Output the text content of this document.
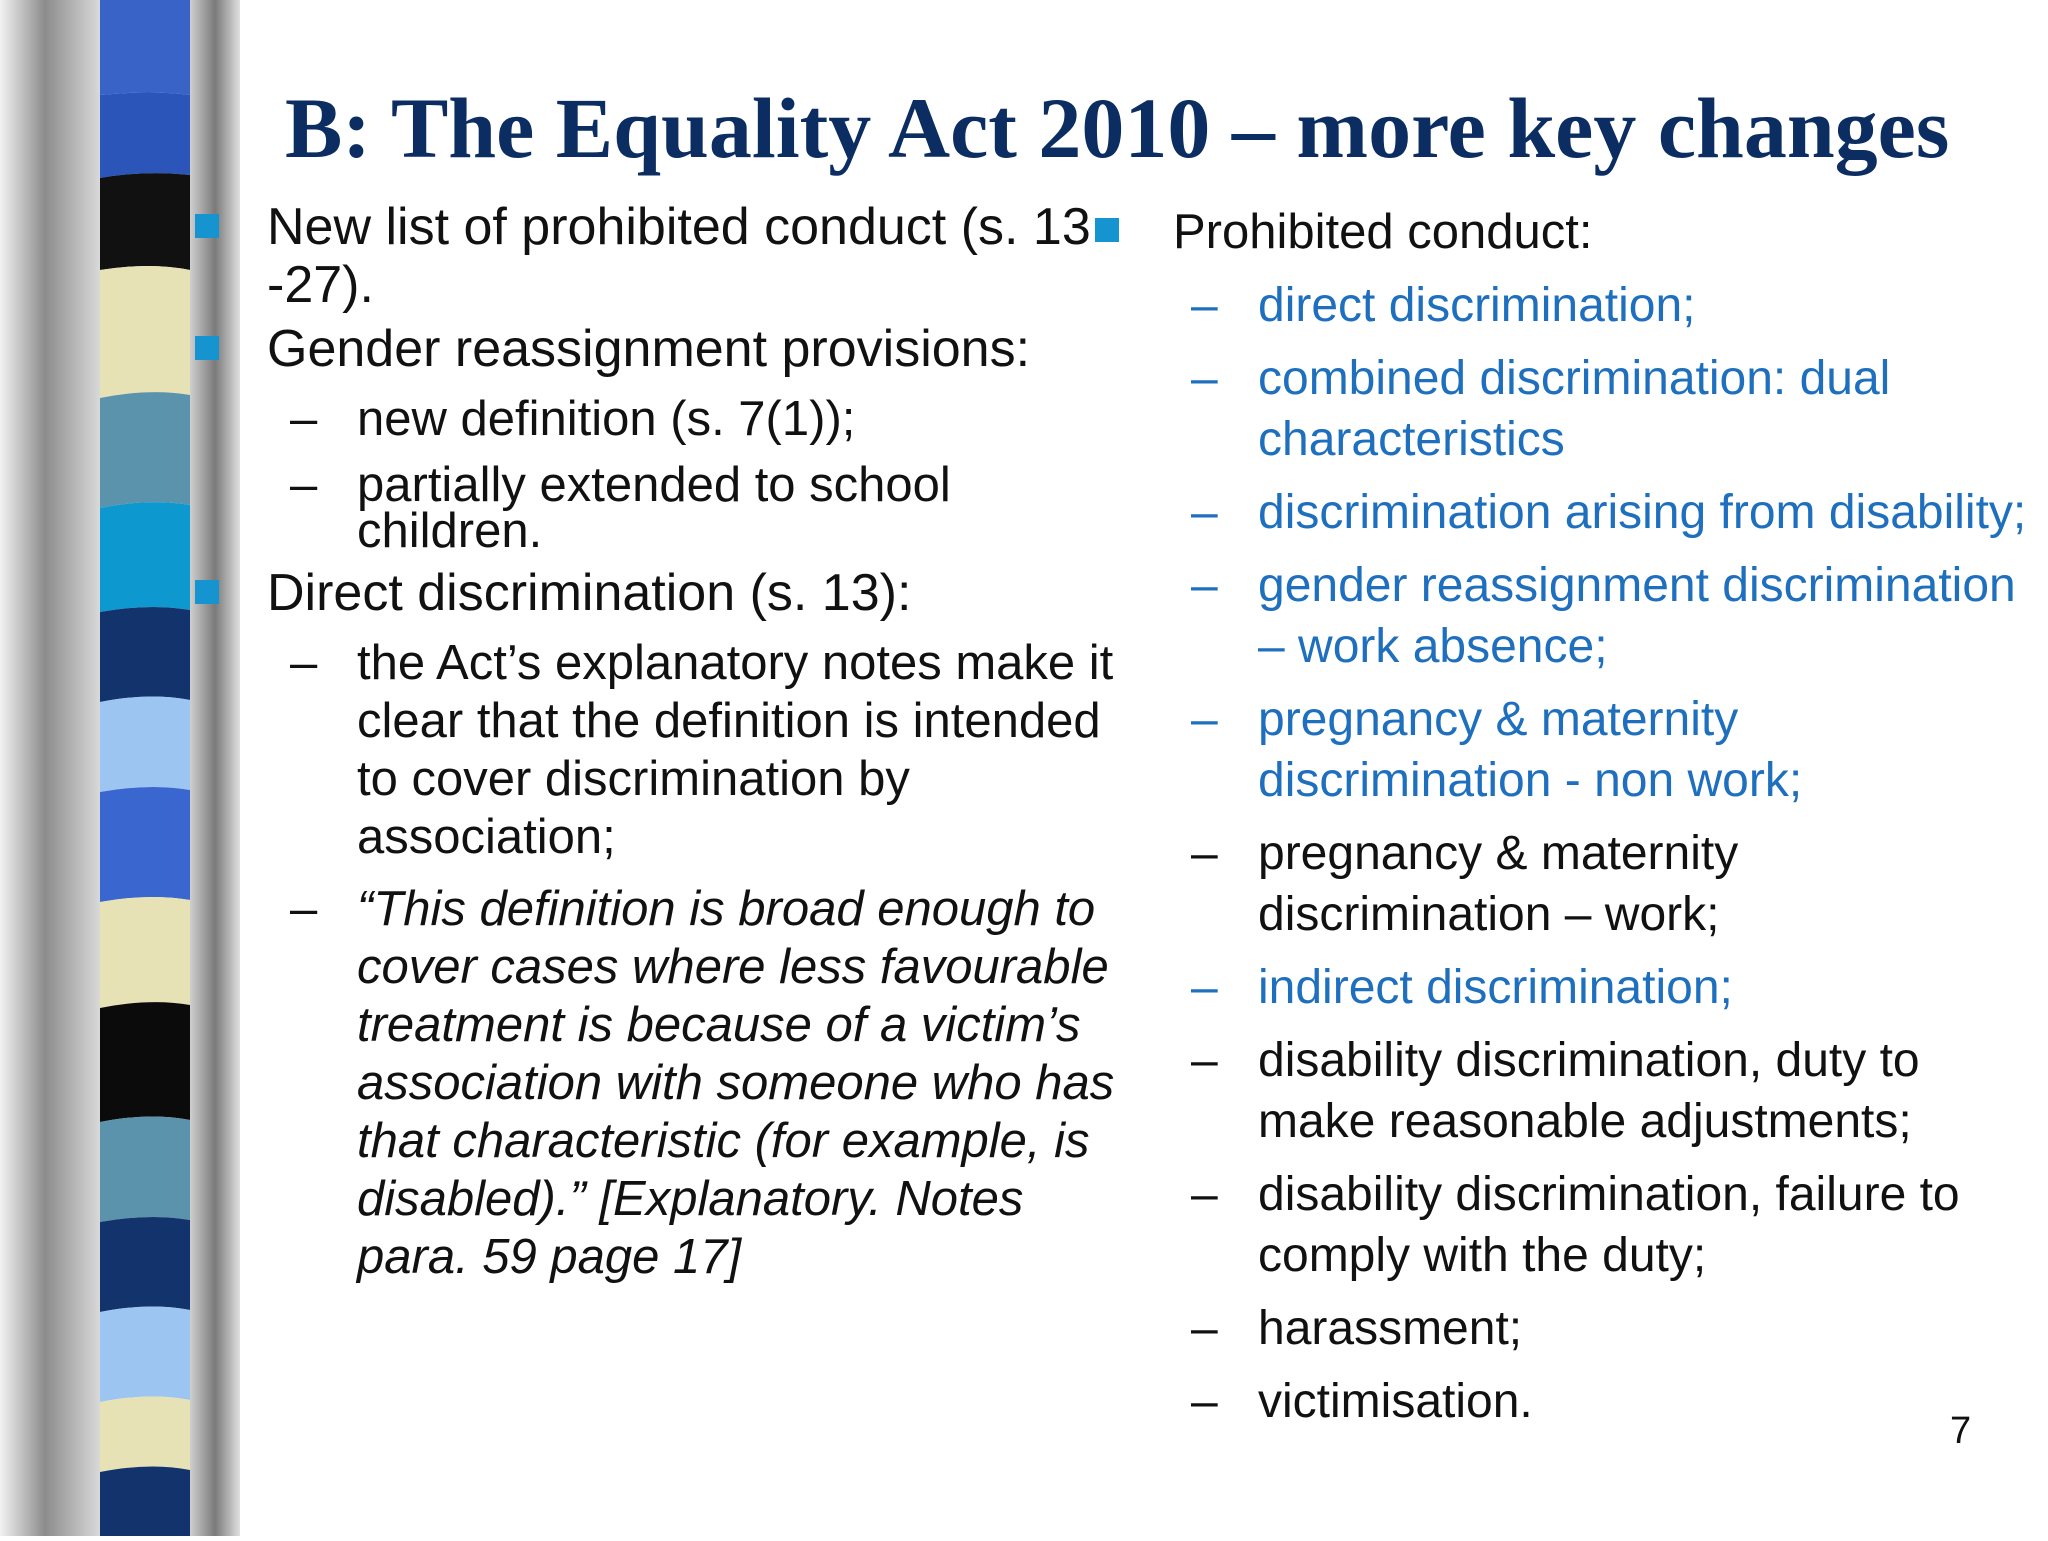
B: The Equality Act 2010 – more key changes
New list of prohibited conduct (s. 13 -27).
Gender reassignment provisions:
– new definition (s. 7(1));
– partially extended to school children.
Direct discrimination (s. 13):
– the Act’s explanatory notes make it clear that the definition is intended to cover discrimination by association;
– “This definition is broad enough to cover cases where less favourable treatment is because of a victim’s association with someone who has that characteristic (for example, is disabled).” [Explanatory. Notes para. 59 page 17]
Prohibited conduct:
– direct discrimination;
– combined discrimination: dual characteristics
– discrimination arising from disability;
– gender reassignment discrimination – work absence;
– pregnancy & maternity discrimination - non work;
– pregnancy & maternity discrimination – work;
– indirect discrimination;
– disability discrimination, duty to make reasonable adjustments;
– disability discrimination, failure to comply with the duty;
– harassment;
– victimisation.
7
